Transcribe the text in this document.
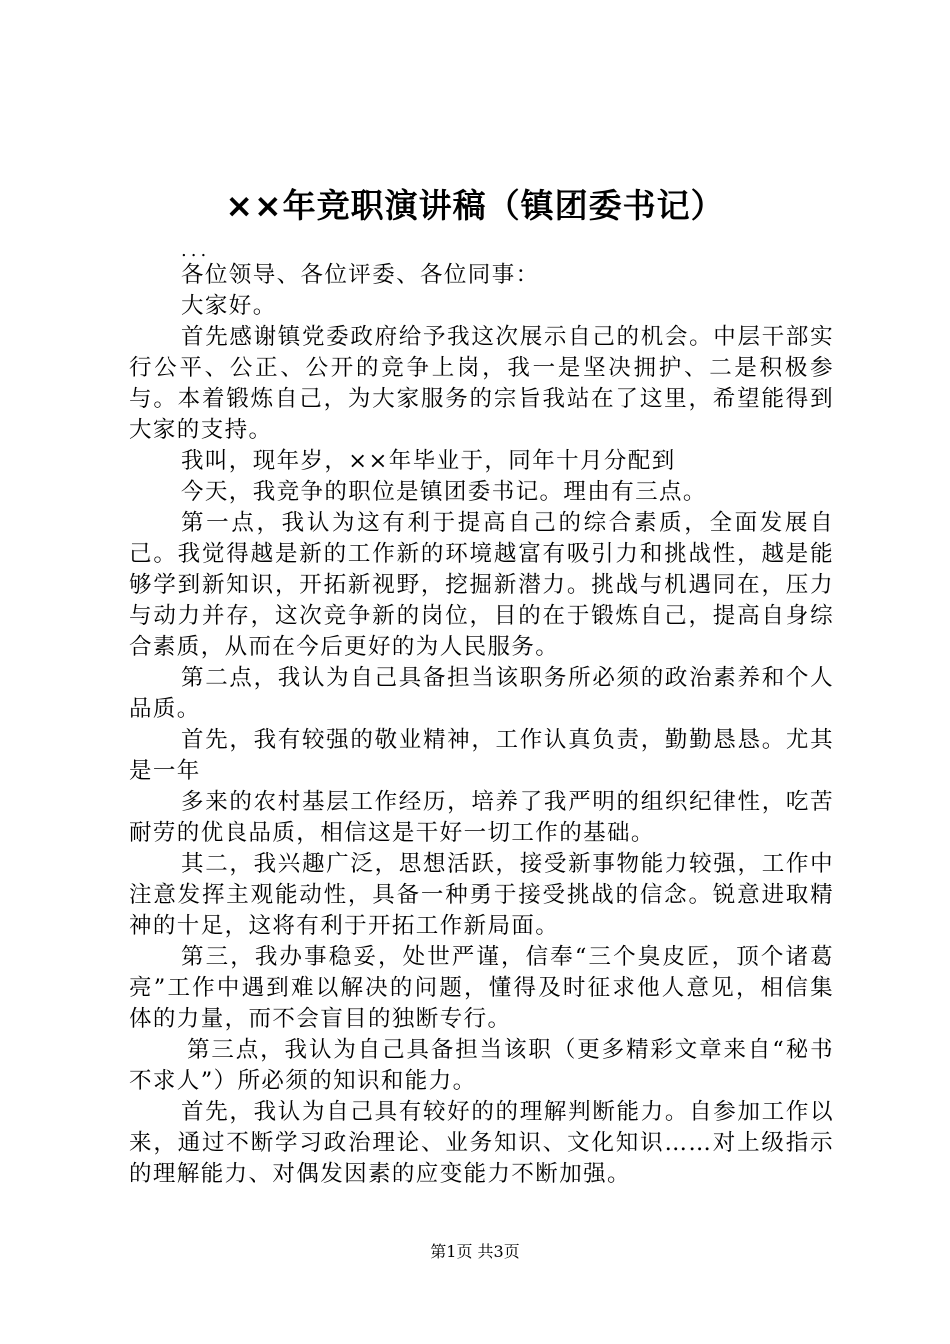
××年竞职演讲稿（镇团委书记）

...

各位领导、各位评委、各位同事：

大家好。

首先感谢镇党委政府给予我这次展示自己的机会。中层干部实行公平、公正、公开的竞争上岗，我一是坚决拥护、二是积极参与。本着锻炼自己，为大家服务的宗旨我站在了这里，希望能得到大家的支持。

我叫，现年岁，××年毕业于，同年十月分配到

今天，我竞争的职位是镇团委书记。理由有三点。

第一点，我认为这有利于提高自己的综合素质，全面发展自己。我觉得越是新的工作新的环境越富有吸引力和挑战性，越是能够学到新知识，开拓新视野，挖掘新潜力。挑战与机遇同在，压力与动力并存，这次竞争新的岗位，目的在于锻炼自己，提高自身综合素质，从而在今后更好的为人民服务。

第二点，我认为自己具备担当该职务所必须的政治素养和个人品质。

首先，我有较强的敬业精神，工作认真负责，勤勤恳恳。尤其是一年

多来的农村基层工作经历，培养了我严明的组织纪律性，吃苦耐劳的优良品质，相信这是干好一切工作的基础。

其二，我兴趣广泛，思想活跃，接受新事物能力较强，工作中注意发挥主观能动性，具备一种勇于接受挑战的信念。锐意进取精神的十足，这将有利于开拓工作新局面。

第三，我办事稳妥，处世严谨，信奉“三个臭皮匠，顶个诸葛亮”工作中遇到难以解决的问题，懂得及时征求他人意见，相信集体的力量，而不会盲目的独断专行。

第三点，我认为自己具备担当该职（更多精彩文章来自“秘书不求人”）所必须的知识和能力。

首先，我认为自己具有较好的的理解判断能力。自参加工作以来，通过不断学习政治理论、业务知识、文化知识……对上级指示的理解能力、对偶发因素的应变能力不断加强。

第1页 共3页
